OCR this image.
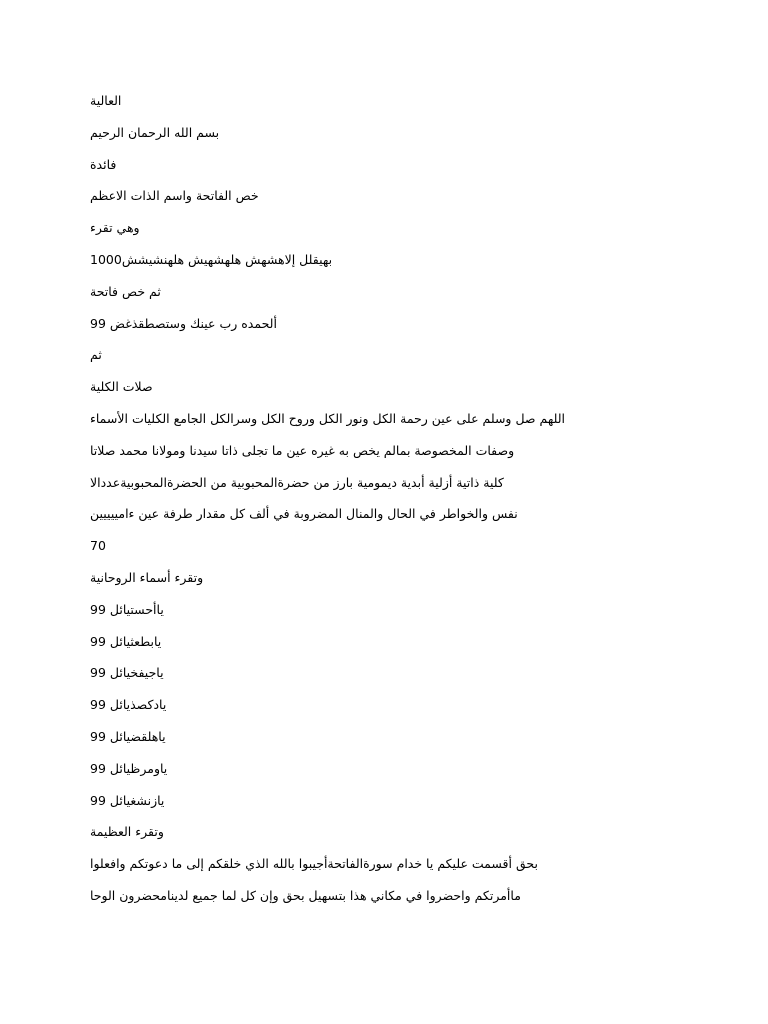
العالية
بسم الله الرحمان الرحيم
فائدة
خص الفاتحة واسم الذات الاعظم
وهي تقرء
بهيقلل إلاهشهش هلهشهيش هلهنشيشش1000
ثم خص فاتحة
ألحمده رب عينك وستصطقذغض 99
ثم
صلات الكلية
اللهم صل وسلم على عين رحمة الكل ونور الكل وروح الكل وسرالكل الجامع الكليات الأسماء
وصفات المخصوصة بمالم يخص به غيره عين ما تجلى ذاتا سيدنا ومولانا محمد صلاتا
كلية ذاتية أزلية أبدية ديمومية بارز من حضرةالمحبوبية من الحضرةالمحبوبيةعددالا
نفس والخواطر في الحال والمنال المضروبة في ألف كل مقدار طرفة عين ءامييييين
70
وتقرء أسماء الروحانية
ياأحستيائل 99
يابطعثيائل 99
ياجيفخيائل 99
يادكصذيائل 99
ياهلقضيائل 99
ياومرظيائل 99
يازنشغيائل 99
وتقرء العظيمة
بحق أقسمت عليكم يا خدام سورةالفاتحةأجيبوا بالله الذي خلقكم إلى ما دعوتكم وافعلوا
ماأمرتكم واحضروا في مكاني هذا بتسهيل بحق وإن كل لما جميع لدينامحضرون الوحا
